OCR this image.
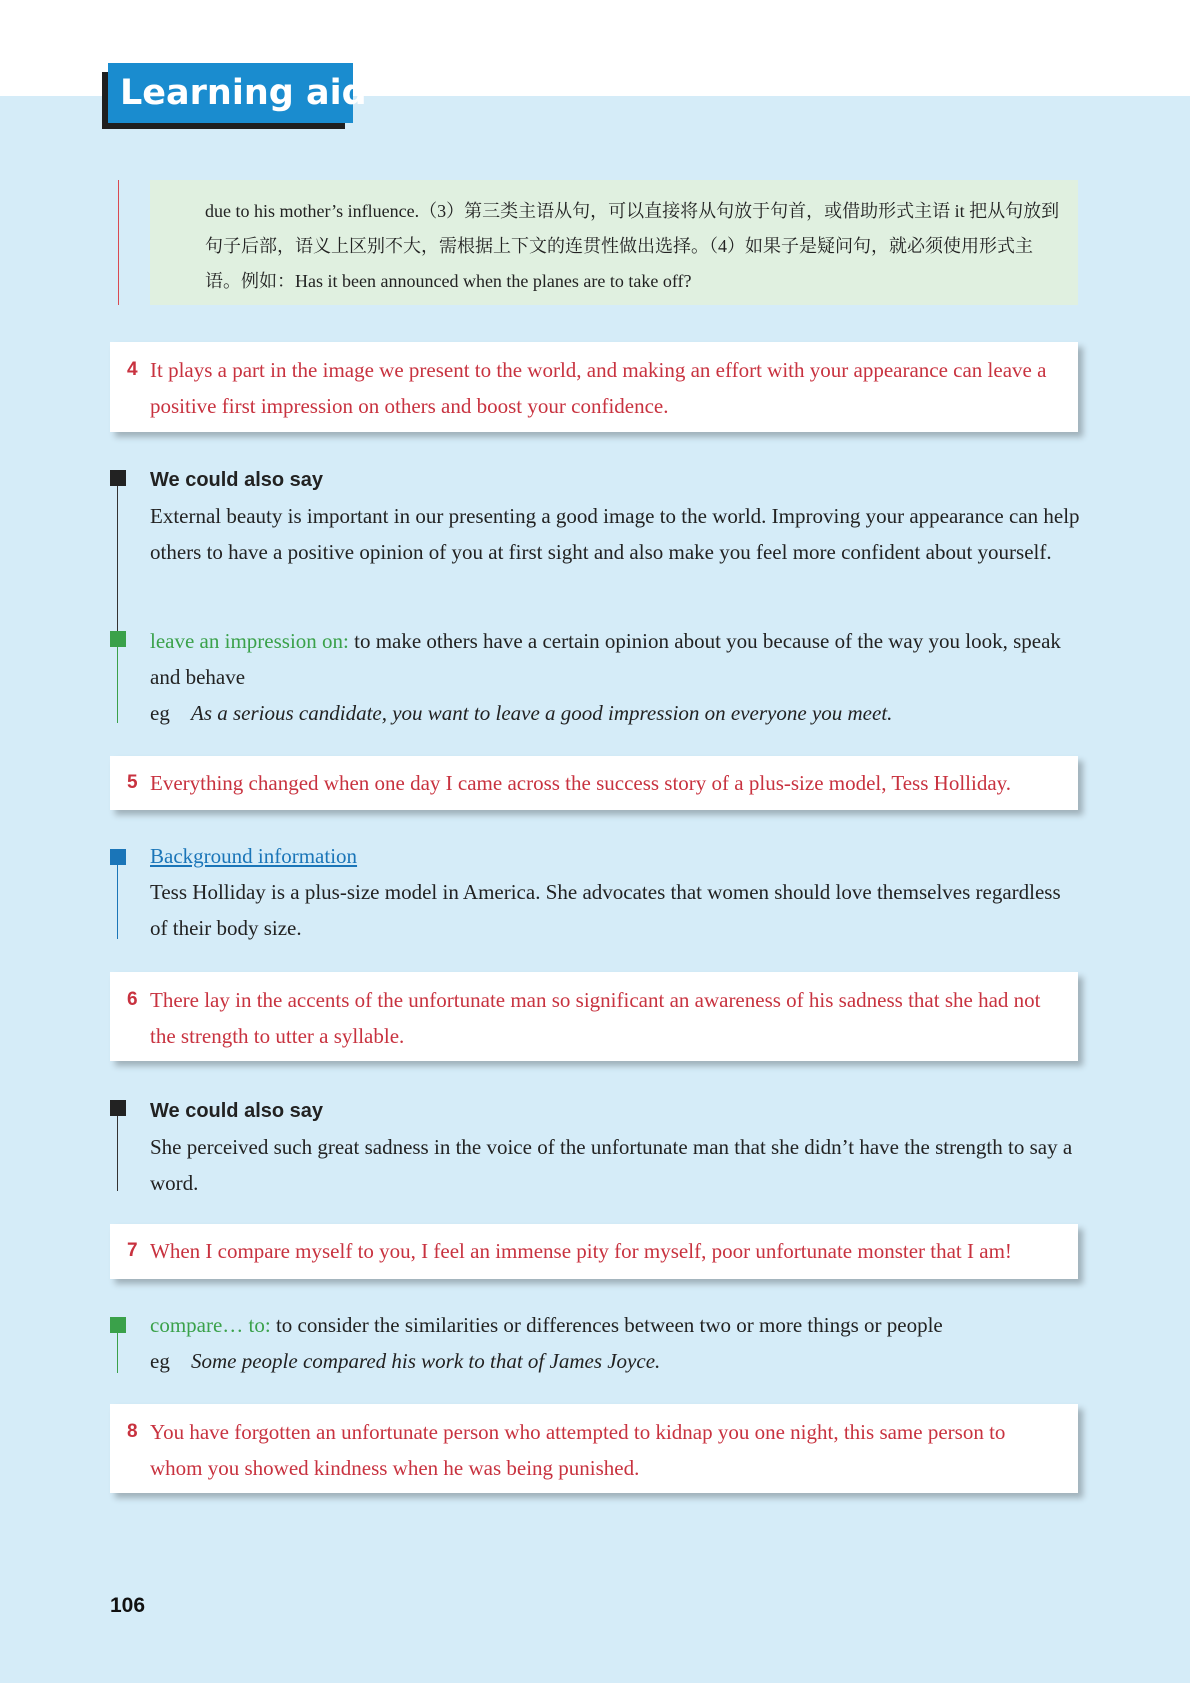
Learning aid

due to his mother’s influence.（3）第三类主语从句，可以直接将从句放于句首，或借助形式主语 it 把从句放到句子后部，语义上区别不大，需根据上下文的连贯性做出选择。（4）如果子是疑问句，就必须使用形式主语。例如：Has it been announced when the planes are to take off?

4 It plays a part in the image we present to the world, and making an effort with your appearance can leave a positive first impression on others and boost your confidence.

We could also say

External beauty is important in our presenting a good image to the world. Improving your appearance can help others to have a positive opinion of you at first sight and also make you feel more confident about yourself.

leave an impression on: to make others have a certain opinion about you because of the way you look, speak and behave

eg As a serious candidate, you want to leave a good impression on everyone you meet.

5 Everything changed when one day I came across the success story of a plus-size model, Tess Holliday.

Background information

Tess Holliday is a plus-size model in America. She advocates that women should love themselves regardless of their body size.

6 There lay in the accents of the unfortunate man so significant an awareness of his sadness that she had not the strength to utter a syllable.

We could also say

She perceived such great sadness in the voice of the unfortunate man that she didn’t have the strength to say a word.

7 When I compare myself to you, I feel an immense pity for myself, poor unfortunate monster that I am!

compare… to: to consider the similarities or differences between two or more things or people

eg Some people compared his work to that of James Joyce.

8 You have forgotten an unfortunate person who attempted to kidnap you one night, this same person to whom you showed kindness when he was being punished.
106
